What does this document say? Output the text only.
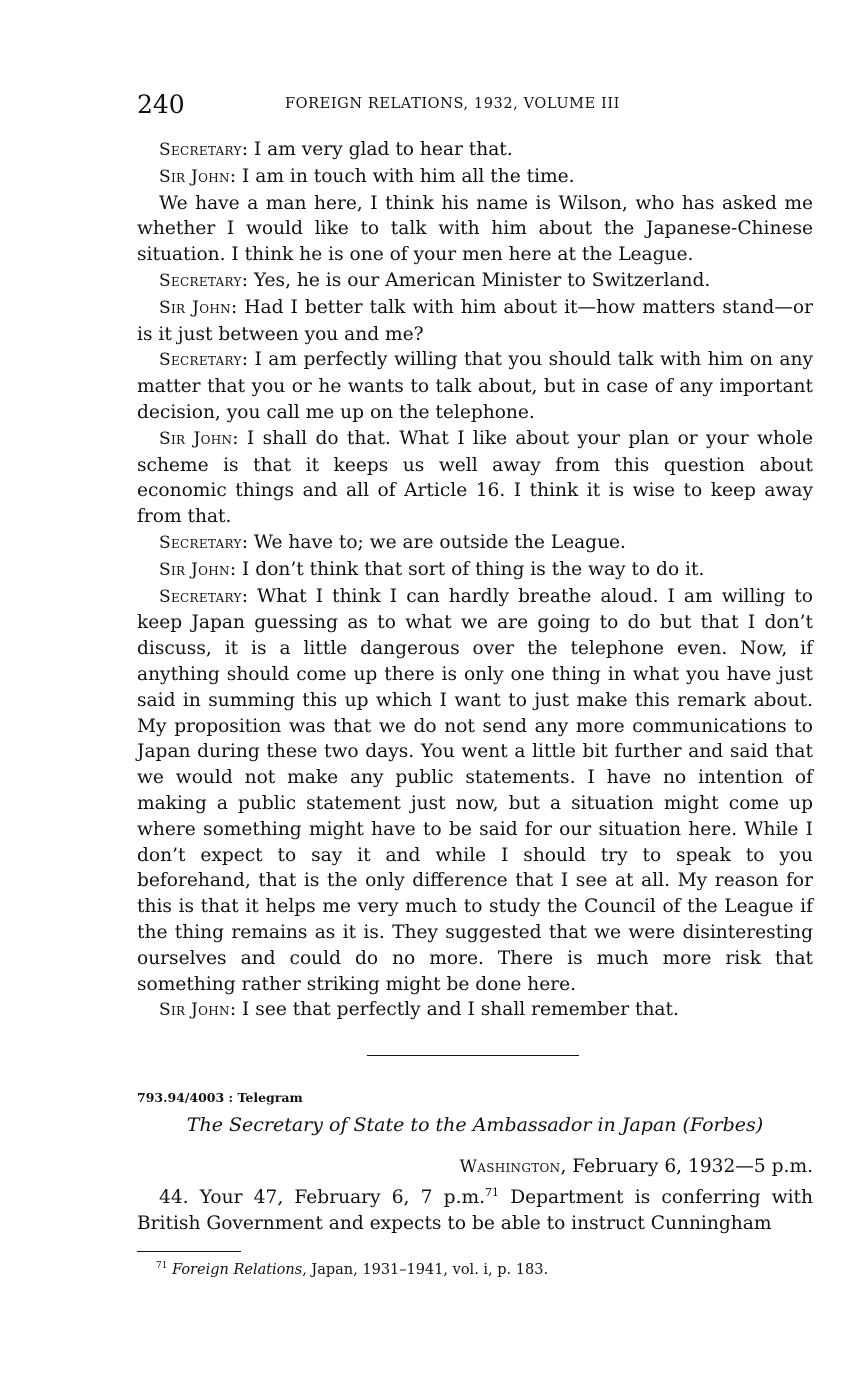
240	FOREIGN RELATIONS, 1932, VOLUME III

Secretary: I am very glad to hear that.

Sir John: I am in touch with him all the time.

We have a man here, I think his name is Wilson, who has asked me whether I would like to talk with him about the Japanese-Chinese situation. I think he is one of your men here at the League.

Secretary: Yes, he is our American Minister to Switzerland.

Sir John: Had I better talk with him about it—how matters stand—or is it just between you and me?

Secretary: I am perfectly willing that you should talk with him on any matter that you or he wants to talk about, but in case of any important decision, you call me up on the telephone.

Sir John: I shall do that. What I like about your plan or your whole scheme is that it keeps us well away from this question about economic things and all of Article 16. I think it is wise to keep away from that.

Secretary: We have to; we are outside the League.

Sir John: I don’t think that sort of thing is the way to do it.

Secretary: What I think I can hardly breathe aloud. I am willing to keep Japan guessing as to what we are going to do but that I don’t discuss, it is a little dangerous over the telephone even. Now, if anything should come up there is only one thing in what you have just said in summing this up which I want to just make this remark about. My proposition was that we do not send any more communications to Japan during these two days. You went a little bit further and said that we would not make any public statements. I have no intention of making a public statement just now, but a situation might come up where something might have to be said for our situation here. While I don’t expect to say it and while I should try to speak to you beforehand, that is the only difference that I see at all. My reason for this is that it helps me very much to study the Council of the League if the thing remains as it is. They suggested that we were disinteresting ourselves and could do no more. There is much more risk that something rather striking might be done here.

Sir John: I see that perfectly and I shall remember that.

793.94/4003 : Telegram
The Secretary of State to the Ambassador in Japan (Forbes)
Washington, February 6, 1932—5 p.m.

44. Your 47, February 6, 7 p.m.$^{71}$ Department is conferring with British Government and expects to be able to instruct Cunningham

$^{71}$ Foreign Relations, Japan, 1931–1941, vol. i, p. 183.
